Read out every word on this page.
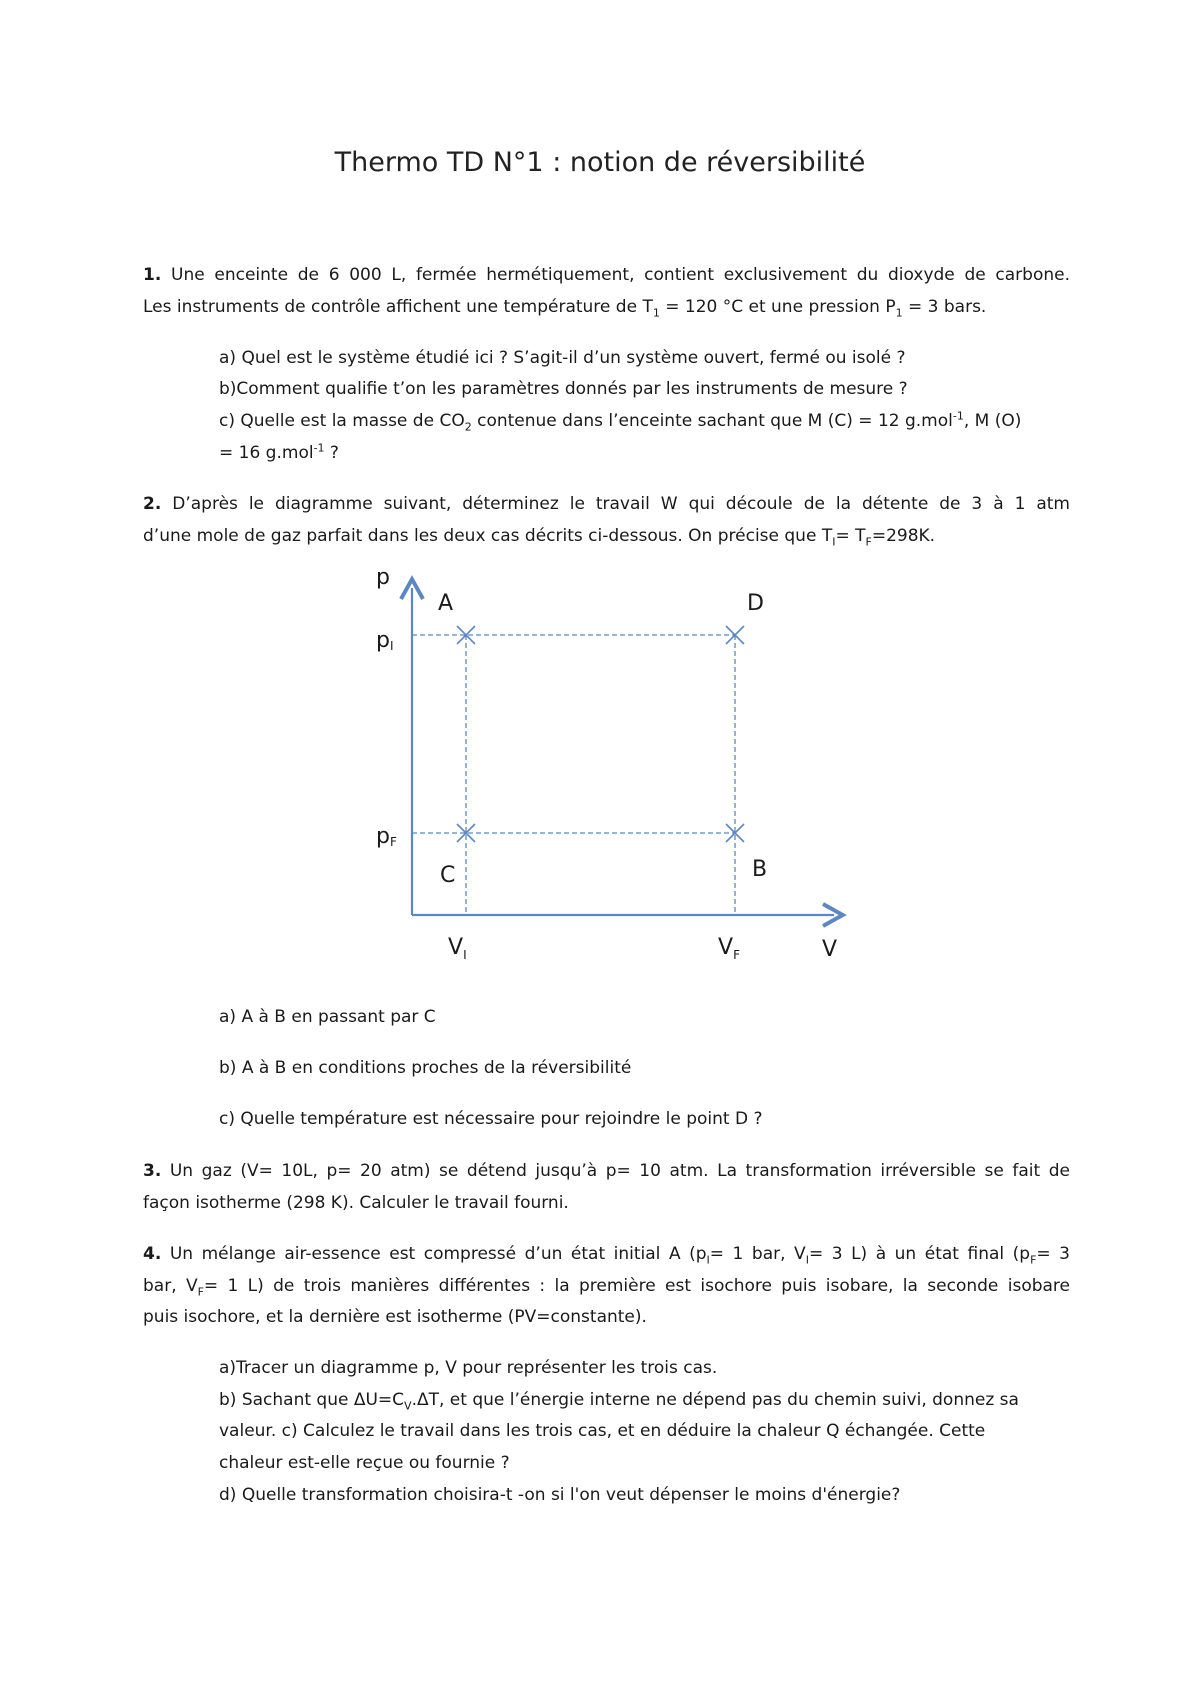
Thermo TD N°1 : notion de réversibilité
1. Une enceinte de 6 000 L, fermée hermétiquement, contient exclusivement du dioxyde de carbone.
Les instruments de contrôle affichent une température de $T_1 = 120$ °C et une pression $P_1 = 3$ bars.
a) Quel est le système étudié ici ? S’agit-il d’un système ouvert, fermé ou isolé ?
b)Comment qualifie t’on les paramètres donnés par les instruments de mesure ?
c) Quelle est la masse de $CO_2$ contenue dans l’enceinte sachant que M (C) = 12 g.mol$^{-1}$, M (O)
= 16 g.mol$^{-1}$ ?
2. D’après le diagramme suivant, déterminez le travail W qui découle de la détente de 3 à 1 atm
d’une mole de gaz parfait dans les deux cas décrits ci-dessous. On précise que $T_I= T_F=298K$.
p
V
pI
pF
$V_I$	$V_F$
A	D
C	B
a) A à B en passant par C
b) A à B en conditions proches de la réversibilité
c) Quelle température est nécessaire pour rejoindre le point D ?
3. Un gaz (V= 10L, p= 20 atm) se détend jusqu’à p= 10 atm. La transformation irréversible se fait de
façon isotherme (298 K). Calculer le travail fourni.
4. Un mélange air-essence est compressé d’un état initial A ($p_I= 1$ bar, $V_I= 3$ L) à un état final ($p_F= 3$
bar, $V_F= 1$ L) de trois manières différentes : la première est isochore puis isobare, la seconde isobare
puis isochore, et la dernière est isotherme (PV=constante).
a)Tracer un diagramme p, V pour représenter les trois cas.
b) Sachant que $\Delta U=C_V.\Delta T$, et que l’énergie interne ne dépend pas du chemin suivi, donnez sa
valeur. c) Calculez le travail dans les trois cas, et en déduire la chaleur Q échangée. Cette
chaleur est-elle reçue ou fournie ?
d) Quelle transformation choisira-t -on si l'on veut dépenser le moins d'énergie?
